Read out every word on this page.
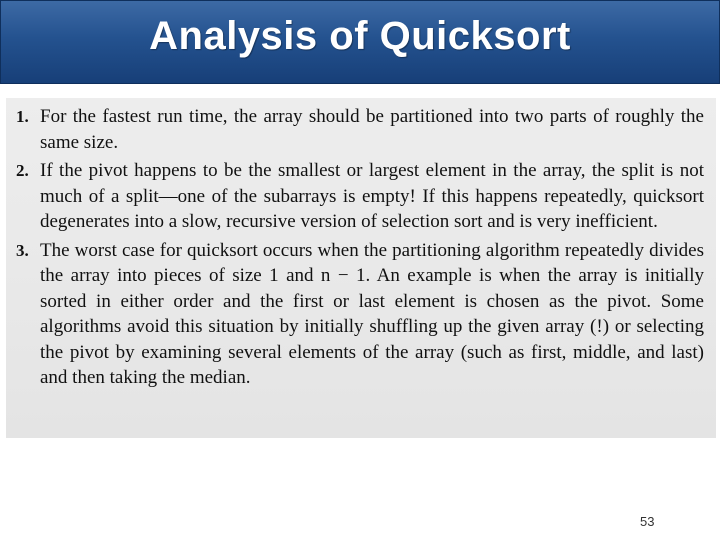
Analysis of Quicksort
1. For the fastest run time, the array should be partitioned into two parts of roughly the same size.
2. If the pivot happens to be the smallest or largest element in the array, the split is not much of a split—one of the subarrays is empty! If this happens repeatedly, quicksort degenerates into a slow, recursive version of selection sort and is very inefficient.
3. The worst case for quicksort occurs when the partitioning algorithm repeatedly divides the array into pieces of size 1 and n − 1. An example is when the array is initially sorted in either order and the first or last element is chosen as the pivot. Some algorithms avoid this situation by initially shuffling up the given array (!) or selecting the pivot by examining several elements of the array (such as first, middle, and last) and then taking the median.
53
